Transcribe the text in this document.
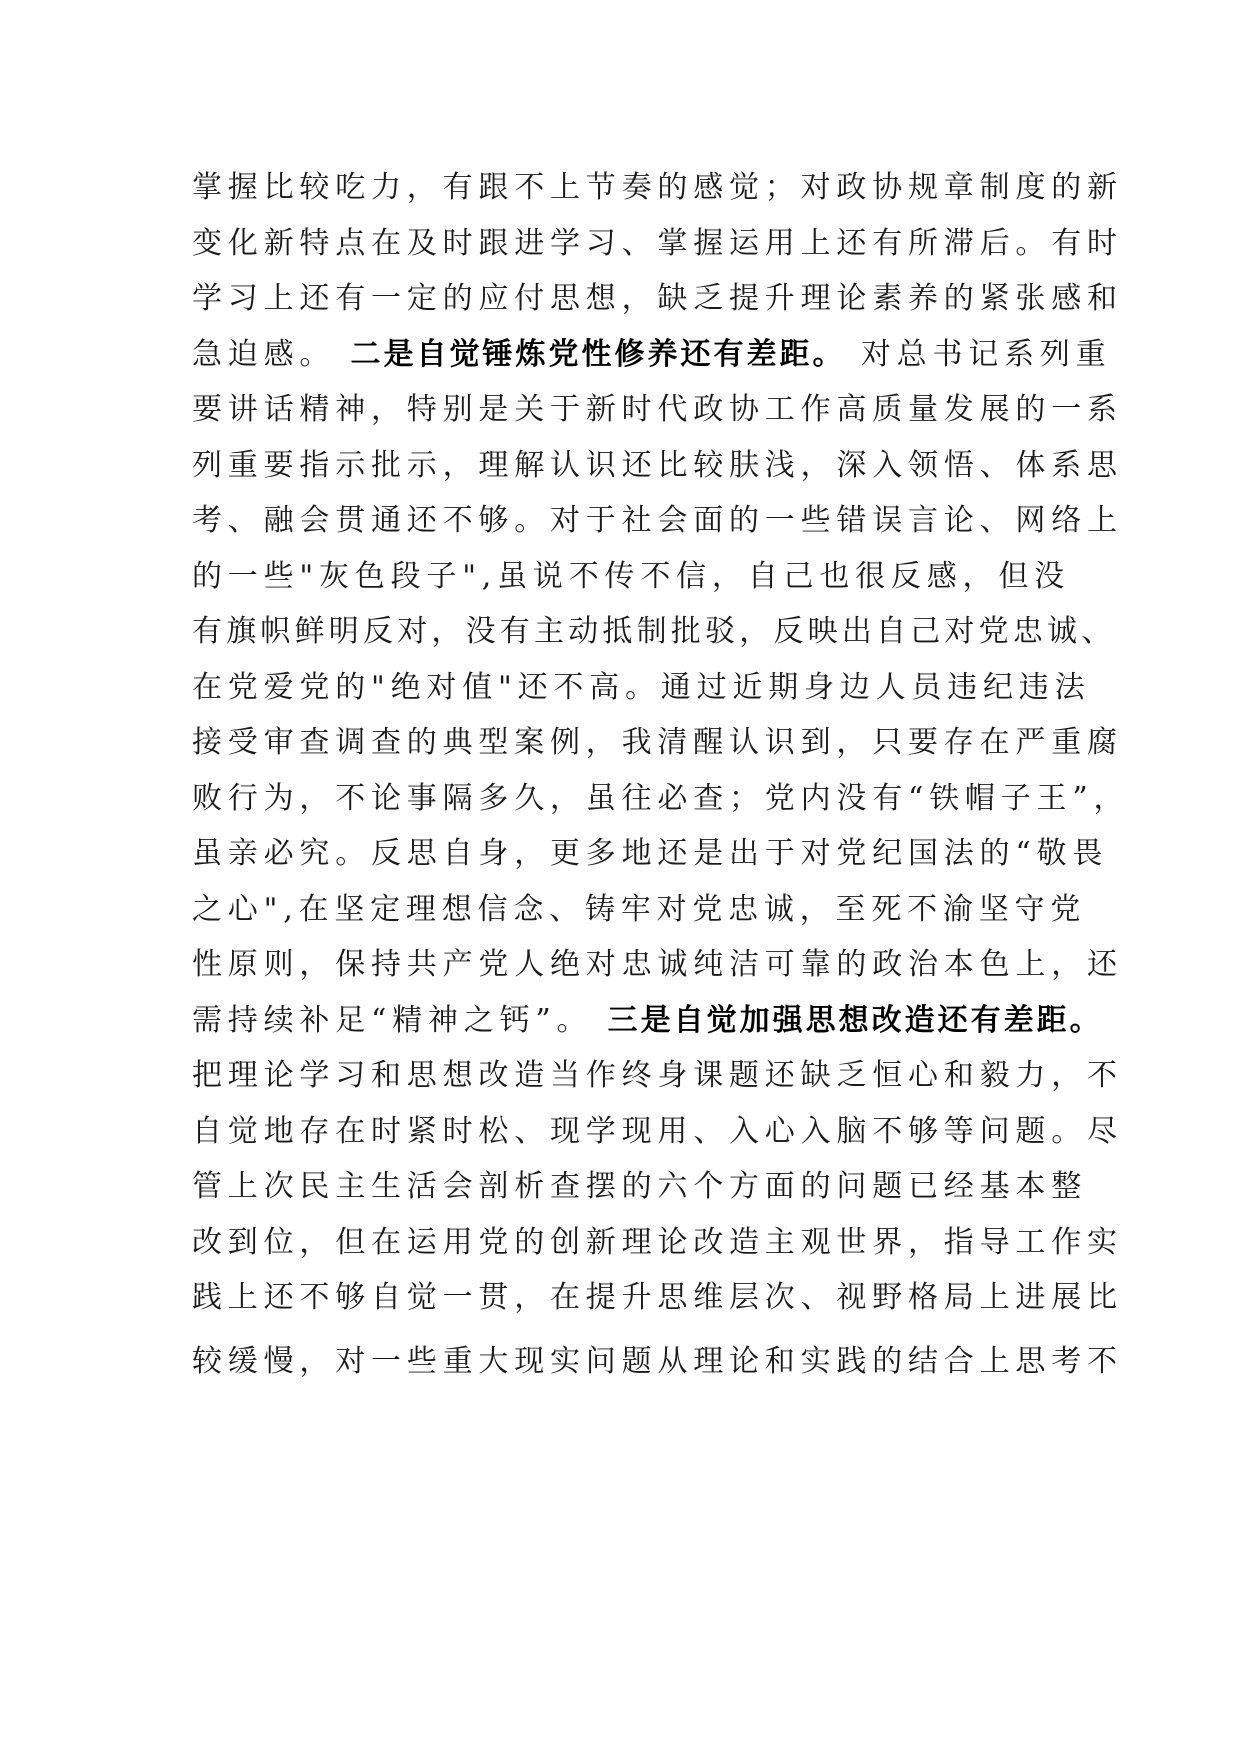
掌握比较吃力，有跟不上节奏的感觉；对政协规章制度的新
变化新特点在及时跟进学习、掌握运用上还有所滞后。有时
学习上还有一定的应付思想，缺乏提升理论素养的紧张感和
急迫感。 二是自觉锤炼党性修养还有差距。 对总书记系列重
要讲话精神，特别是关于新时代政协工作高质量发展的一系
列重要指示批示，理解认识还比较肤浅，深入领悟、体系思
考、融会贯通还不够。对于社会面的一些错误言论、网络上
的一些"灰色段子",虽说不传不信，自己也很反感，但没
有旗帜鲜明反对，没有主动抵制批驳，反映出自己对党忠诚、
在党爱党的"绝对值"还不高。通过近期身边人员违纪违法
接受审查调查的典型案例，我清醒认识到，只要存在严重腐
败行为，不论事隔多久，虽往必查；党内没有“铁帽子王”，
虽亲必究。反思自身，更多地还是出于对党纪国法的“敬畏
之心",在坚定理想信念、铸牢对党忠诚，至死不渝坚守党
性原则，保持共产党人绝对忠诚纯洁可靠的政治本色上，还
需持续补足“精神之钙”。 三是自觉加强思想改造还有差距。
把理论学习和思想改造当作终身课题还缺乏恒心和毅力，不
自觉地存在时紧时松、现学现用、入心入脑不够等问题。尽
管上次民主生活会剖析查摆的六个方面的问题已经基本整
改到位，但在运用党的创新理论改造主观世界，指导工作实
践上还不够自觉一贯，在提升思维层次、视野格局上进展比
较缓慢，对一些重大现实问题从理论和实践的结合上思考不
